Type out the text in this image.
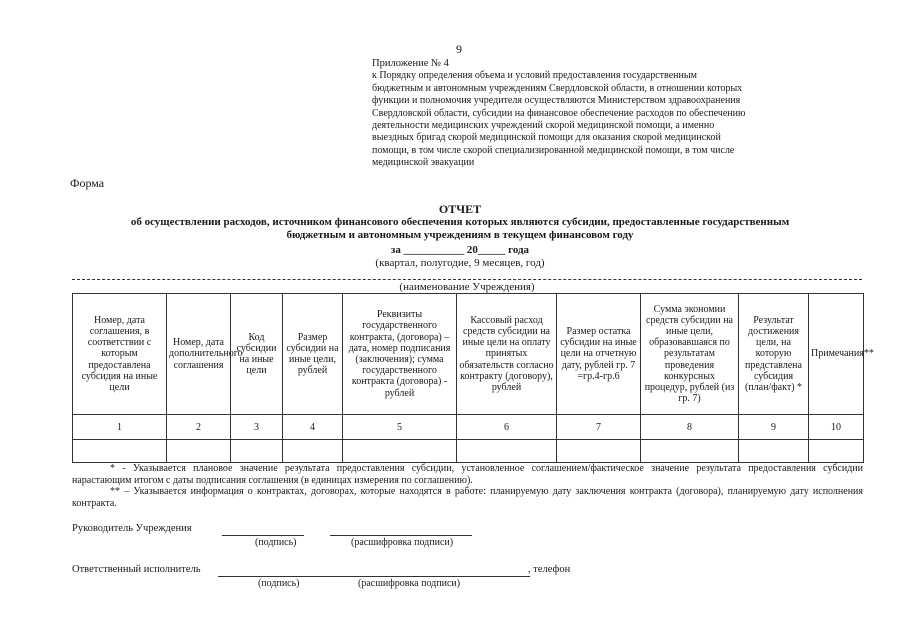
9
Приложение № 4
к Порядку определения объема и условий предоставления государственным
бюджетным и автономным учреждениям Свердловской области, в отношении которых
функции и полномочия учредителя осуществляются Министерством здравоохранения
Свердловской области, субсидии на финансовое обеспечение расходов по обеспечению
деятельности медицинских учреждений скорой медицинской помощи, а именно
выездных бригад скорой медицинской помощи для оказания скорой медицинской
помощи, в том числе скорой специализированной медицинской помощи, в том числе
медицинской эвакуации
Форма
ОТЧЕТ
об осуществлении расходов, источником финансового обеспечения которых являются субсидии, предоставленные государственным
бюджетным и автономным учреждениям в текущем финансовом году
за ___________ 20_____ года
(квартал, полугодие, 9 месяцев, год)
(наименование Учреждения)
Номер, дата соглашения, в соответствии с которым предоставлена субсидия на иные цели	Номер, дата дополнительного соглашения	Код субсидии на иные цели	Размер субсидии на иные цели, рублей	Реквизиты государственного контракта, (договора) – дата, номер подписания (заключения); сумма государственного контракта (договора) - рублей	Кассовый расход средств субсидии на иные цели на оплату принятых обязательств согласно контракту (договору), рублей	Размер остатка субсидии на иные цели на отчетную дату, рублей гр. 7 =гр.4-гр.6	Сумма экономии средств субсидии на иные цели, образовавшаяся по результатам проведения конкурсных процедур, рублей (из гр. 7)	Результат достижения цели, на которую представлена субсидия (план/факт) *	Примечания**
1	2	3	4	5	6	7	8	9	10

* - Указывается плановое значение результата предоставления субсидии, установленное соглашением/фактическое значение результата предоставления субсидии нарастающим итогом с даты подписания соглашения (в единицах измерения по соглашению).
** – Указывается информация о контрактах, договорах, которые находятся в работе: планируемую дату заключения контракта (договора), планируемую дату исполнения контракта.
Руководитель Учреждения
(подпись)	(расшифровка подписи)
Ответственный исполнитель	, телефон
(подпись)	(расшифровка подписи)
